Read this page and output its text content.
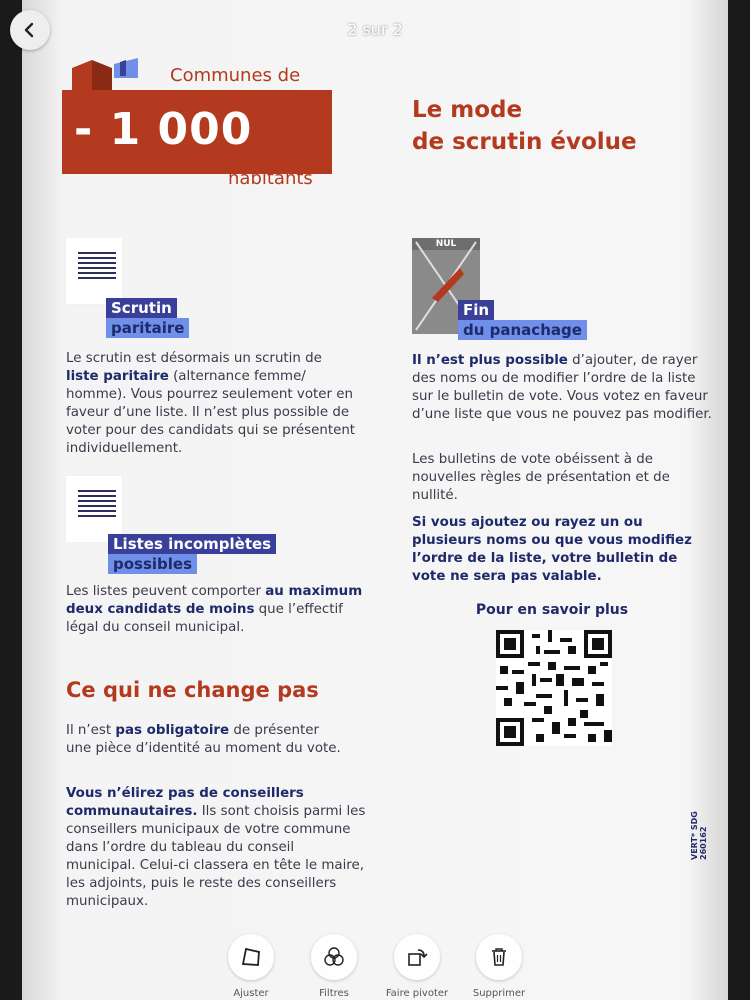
2 sur 2
Communes de
- 1 000
habitants
Le mode
de scrutin évolue
Scrutin
paritaire
Le scrutin est désormais un scrutin de liste paritaire (alternance femme/ homme). Vous pourrez seulement voter en faveur d’une liste. Il n’est plus possible de voter pour des candidats qui se présentent individuellement.
Listes incomplètes
possibles
Les listes peuvent comporter au maximum deux candidats de moins que l’effectif légal du conseil municipal.
NUL
Fin
du panachage
Il n’est plus possible d’ajouter, de rayer des noms ou de modifier l’ordre de la liste sur le bulletin de vote. Vous votez en faveur d’une liste que vous ne pouvez pas modifier.
Les bulletins de vote obéissent à de nouvelles règles de présentation et de nullité.
Si vous ajoutez ou rayez un ou plusieurs noms ou que vous modifiez l’ordre de la liste, votre bulletin de vote ne sera pas valable.
Pour en savoir plus
Ce qui ne change pas
Il n’est pas obligatoire de présenter une pièce d’identité au moment du vote.
Vous n’élirez pas de conseillers communautaires. Ils sont choisis parmi les conseillers municipaux de votre commune dans l’ordre du tableau du conseil municipal. Celui-ci classera en tête le maire, les adjoints, puis le reste des conseillers municipaux.
VERT* SDG 260162
Ajuster	Filtres	Faire pivoter	Supprimer
